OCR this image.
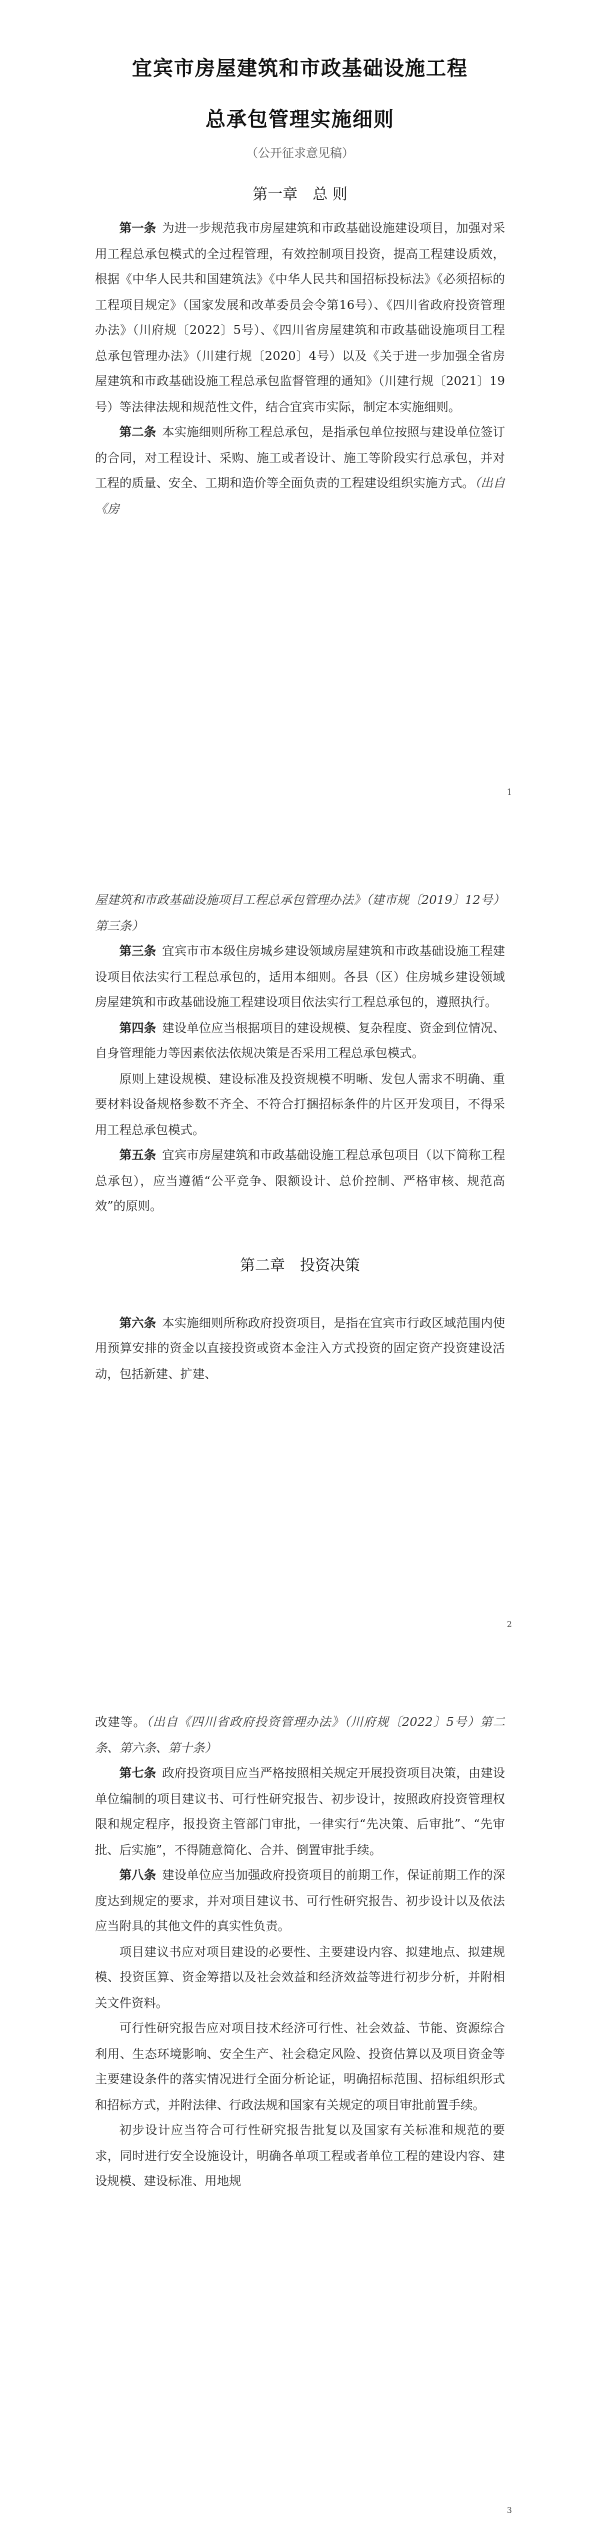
宜宾市房屋建筑和市政基础设施工程
总承包管理实施细则
（公开征求意见稿）
第一章　总 则

第一条 为进一步规范我市房屋建筑和市政基础设施建设项目，加强对采用工程总承包模式的全过程管理，有效控制项目投资，提高工程建设质效，根据《中华人民共和国建筑法》《中华人民共和国招标投标法》《必须招标的工程项目规定》（国家发展和改革委员会令第16号）、《四川省政府投资管理办法》（川府规〔2022〕5号）、《四川省房屋建筑和市政基础设施项目工程总承包管理办法》（川建行规〔2020〕4号）以及《关于进一步加强全省房屋建筑和市政基础设施工程总承包监督管理的通知》（川建行规〔2021〕19号）等法律法规和规范性文件，结合宜宾市实际，制定本实施细则。

第二条 本实施细则所称工程总承包，是指承包单位按照与建设单位签订的合同，对工程设计、采购、施工或者设计、施工等阶段实行总承包，并对工程的质量、安全、工期和造价等全面负责的工程建设组织实施方式。（出自《房

1

屋建筑和市政基础设施项目工程总承包管理办法》（建市规〔2019〕12号）第三条）

第三条 宜宾市市本级住房城乡建设领域房屋建筑和市政基础设施工程建设项目依法实行工程总承包的，适用本细则。各县（区）住房城乡建设领域房屋建筑和市政基础设施工程建设项目依法实行工程总承包的，遵照执行。

第四条 建设单位应当根据项目的建设规模、复杂程度、资金到位情况、自身管理能力等因素依法依规决策是否采用工程总承包模式。

原则上建设规模、建设标准及投资规模不明晰、发包人需求不明确、重要材料设备规格参数不齐全、不符合打捆招标条件的片区开发项目，不得采用工程总承包模式。

第五条 宜宾市房屋建筑和市政基础设施工程总承包项目（以下简称工程总承包），应当遵循“公平竞争、限额设计、总价控制、严格审核、规范高效”的原则。

第二章　投资决策

第六条 本实施细则所称政府投资项目，是指在宜宾市行政区域范围内使用预算安排的资金以直接投资或资本金注入方式投资的固定资产投资建设活动，包括新建、扩建、

2

改建等。（出自《四川省政府投资管理办法》（川府规〔2022〕5号）第二条、第六条、第十条）

第七条 政府投资项目应当严格按照相关规定开展投资项目决策，由建设单位编制的项目建议书、可行性研究报告、初步设计，按照政府投资管理权限和规定程序，报投资主管部门审批，一律实行“先决策、后审批”、“先审批、后实施”，不得随意简化、合并、倒置审批手续。

第八条 建设单位应当加强政府投资项目的前期工作，保证前期工作的深度达到规定的要求，并对项目建议书、可行性研究报告、初步设计以及依法应当附具的其他文件的真实性负责。

项目建议书应对项目建设的必要性、主要建设内容、拟建地点、拟建规模、投资匡算、资金筹措以及社会效益和经济效益等进行初步分析，并附相关文件资料。

可行性研究报告应对项目技术经济可行性、社会效益、节能、资源综合利用、生态环境影响、安全生产、社会稳定风险、投资估算以及项目资金等主要建设条件的落实情况进行全面分析论证，明确招标范围、招标组织形式和招标方式，并附法律、行政法规和国家有关规定的项目审批前置手续。

初步设计应当符合可行性研究报告批复以及国家有关标准和规范的要求，同时进行安全设施设计，明确各单项工程或者单位工程的建设内容、建设规模、建设标准、用地规

3
